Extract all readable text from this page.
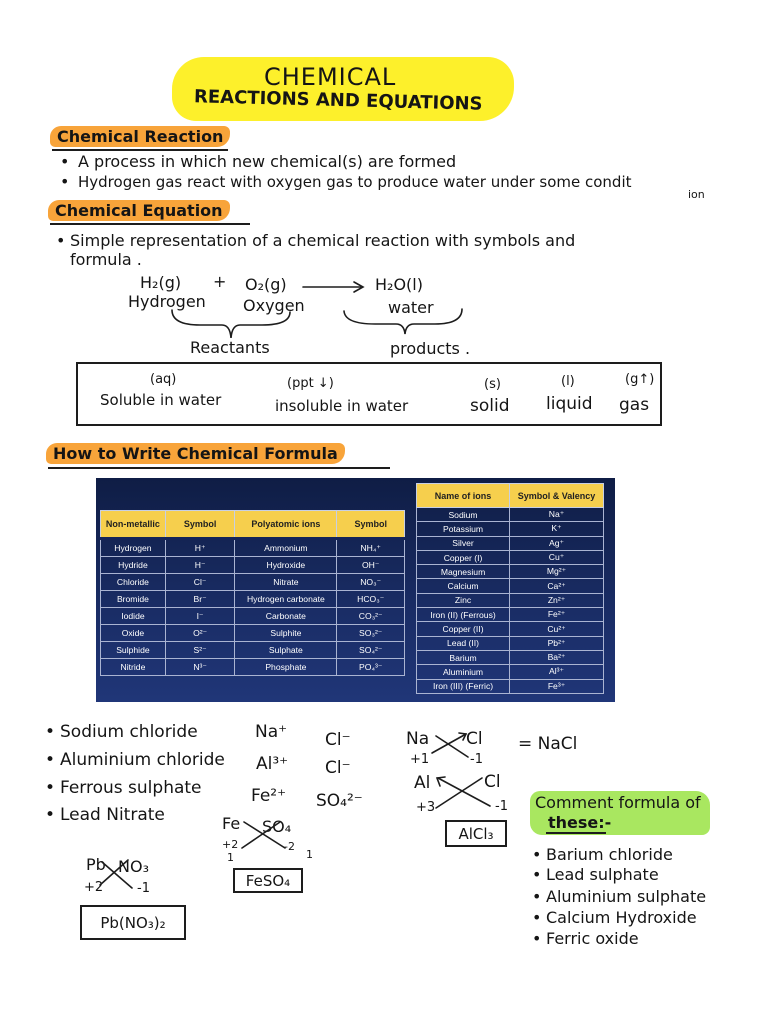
CHEMICAL
REACTIONS AND EQUATIONS
Chemical Reaction
• A process in which new chemical(s) are formed
• Hydrogen gas react with oxygen gas to produce water under some condit
ion
Chemical Equation
• Simple representation of a chemical reaction with symbols and
formula .
H₂(g) + O₂(g)	H₂O(l)
Hydrogen Oxygen	water
Reactants	products .
(aq)
Soluble in water
(ppt ↓)
insoluble in water
(s)
solid
(l)
liquid
(g↑)
gas
How to Write Chemical Formula
Non-metallic	Symbol	Polyatomic ions	Symbol
Hydrogen	H⁺	Ammonium	NH₄⁺
Hydride	H⁻	Hydroxide	OH⁻
Chloride	Cl⁻	Nitrate	NO₃⁻
Bromide	Br⁻	Hydrogen carbonate	HCO₃⁻
Iodide	I⁻	Carbonate	CO₃²⁻
Oxide	O²⁻	Sulphite	SO₃²⁻
Sulphide	S²⁻	Sulphate	SO₄²⁻
Nitride	N³⁻	Phosphate	PO₄³⁻
Name of ions	Symbol & Valency
Sodium	Na⁺
Potassium	K⁺
Silver	Ag⁺
Copper (I)	Cu⁺
Magnesium	Mg²⁺
Calcium	Ca²⁺
Zinc	Zn²⁺
Iron (II) (Ferrous)	Fe²⁺
Copper (II)	Cu²⁺
Lead (II)	Pb²⁺
Barium	Ba²⁺
Aluminium	Al³⁺
Iron (III) (Ferric)	Fe³⁺
• Sodium chloride	Na⁺ Cl⁻
• Aluminium chloride Al³⁺ Cl⁻
• Ferrous sulphate	Fe²⁺ SO₄²⁻
• Lead Nitrate
Na Cl
+1	-1
= NaCl
Al	Cl
+3	-1
AlCl₃
Fe SO₄
+2	-2
1	1
FeSO₄
Pb NO₃
+2	-1
Pb(NO₃)₂
Comment formula of
these:-
• Barium chloride
• Lead sulphate
• Aluminium sulphate
• Calcium Hydroxide
• Ferric oxide
